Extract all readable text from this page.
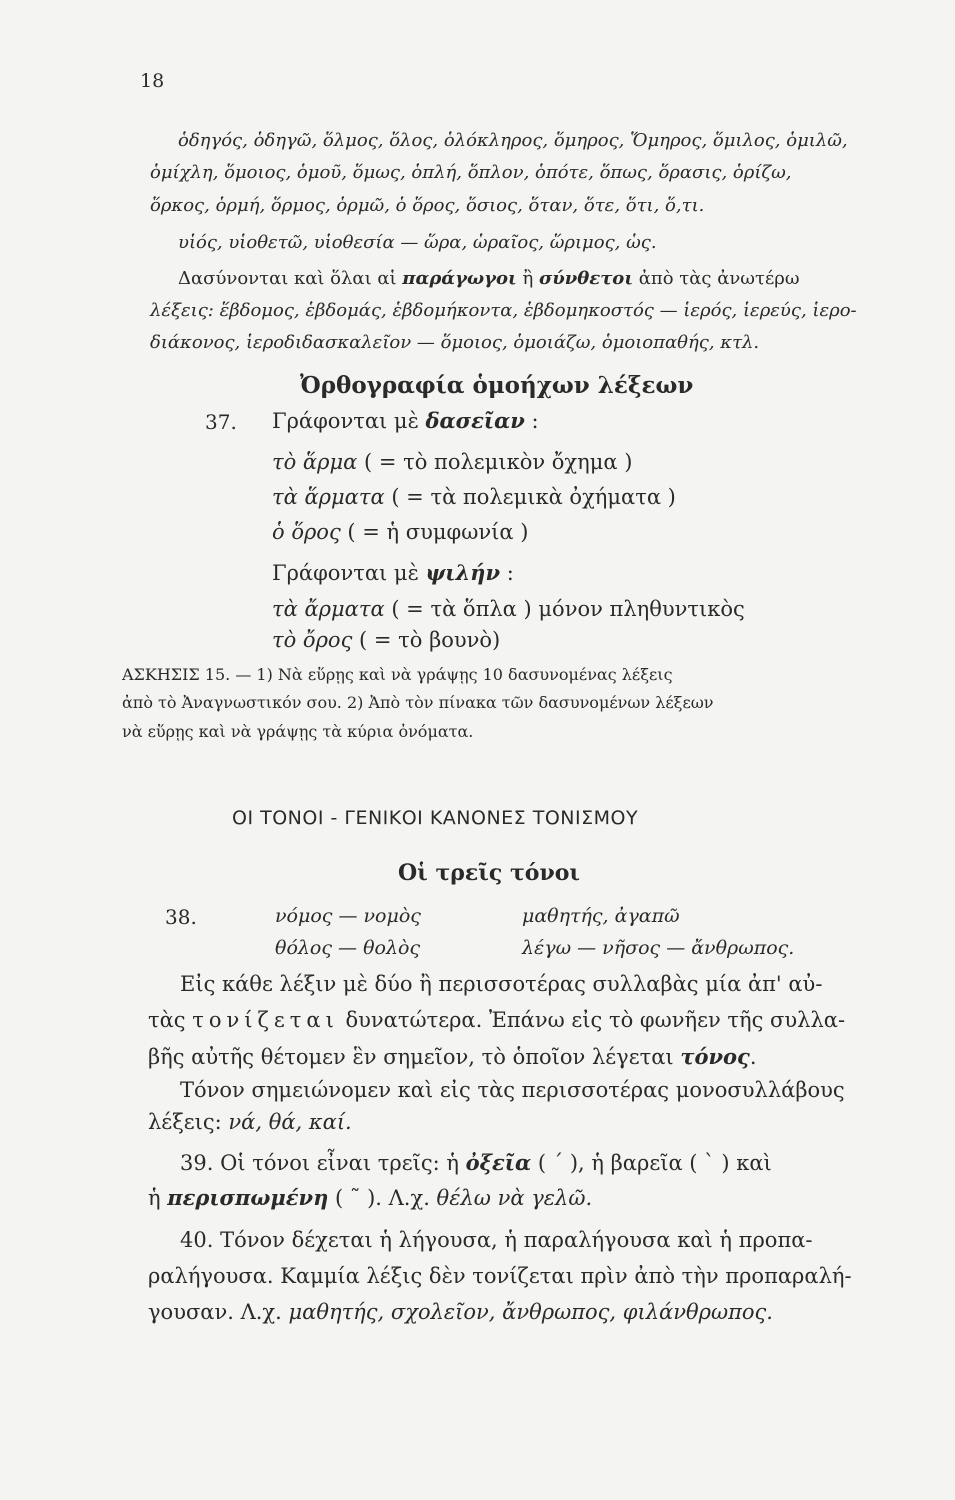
18
ὁδηγός, ὁδηγῶ, ὅλμος, ὅλος, ὁλόκληρος, ὅμηρος, Ὅμηρος, ὅμιλος, ὁμιλῶ,
ὁμίχλη, ὅμοιος, ὁμοῦ, ὅμως, ὁπλή, ὅπλον, ὁπότε, ὅπως, ὅρασις, ὁρίζω,
ὅρκος, ὁρμή, ὅρμος, ὁρμῶ, ὁ ὅρος, ὅσιος, ὅταν, ὅτε, ὅτι, ὅ,τι.
υἱός, υἱοθετῶ, υἱοθεσία — ὥρα, ὡραῖος, ὥριμος, ὡς.
Δασύνονται καὶ ὅλαι αἱ παράγωγοι ἢ σύνθετοι ἀπὸ τὰς ἀνωτέρω
λέξεις: ἕβδομος, ἑβδομάς, ἑβδομήκοντα, ἑβδομηκοστός — ἱερός, ἱερεύς, ἱερο-
διάκονος, ἱεροδιδασκαλεῖον — ὅμοιος, ὁμοιάζω, ὁμοιοπαθής, κτλ.
Ὀρθογραφία ὁμοήχων λέξεων
37. Γράφονται μὲ δασεῖαν :
τὸ ἅρμα ( = τὸ πολεμικὸν ὄχημα )
τὰ ἅρματα ( = τὰ πολεμικὰ ὀχήματα )
ὁ ὅρος ( = ἡ συμφωνία )
Γράφονται μὲ ψιλήν :
τὰ ἄρματα ( = τὰ ὅπλα ) μόνον πληθυντικὸς
τὸ ὄρος ( = τὸ βουνὸ)
ΑΣΚΗΣΙΣ 15. — 1) Νὰ εὕρῃς καὶ νὰ γράψῃς 10 δασυνομένας λέξεις
ἀπὸ τὸ Ἀναγνωστικόν σου. 2) Ἀπὸ τὸν πίνακα τῶν δασυνομένων λέξεων
νὰ εὕρῃς καὶ νὰ γράψῃς τὰ κύρια ὀνόματα.
ΟΙ ΤΟΝΟΙ - ΓΕΝΙΚΟΙ ΚΑΝΟΝΕΣ ΤΟΝΙΣΜΟΥ
Οἱ τρεῖς τόνοι
38.	νόμος — νομὸς	μαθητής, ἀγαπῶ
θόλος — θολὸς	λέγω — νῆσος — ἄνθρωπος.
Εἰς κάθε λέξιν μὲ δύο ἢ περισσοτέρας συλλαβὰς μία ἀπ' αὐ-
τὰς τονίζεται δυνατώτερα. Ἐπάνω εἰς τὸ φωνῆεν τῆς συλλα-
βῆς αὐτῆς θέτομεν ἓν σημεῖον, τὸ ὁποῖον λέγεται τόνος.
Τόνον σημειώνομεν καὶ εἰς τὰς περισσοτέρας μονοσυλλάβους
λέξεις: νά, θά, καί.
39. Οἱ τόνοι εἶναι τρεῖς: ἡ ὀξεῖα ( ´ ), ἡ βαρεῖα ( ` ) καὶ
ἡ περισπωμένη ( ῀ ). Λ.χ. θέλω νὰ γελῶ.
40. Τόνον δέχεται ἡ λήγουσα, ἡ παραλήγουσα καὶ ἡ προπα-
ραλήγουσα. Καμμία λέξις δὲν τονίζεται πρὶν ἀπὸ τὴν προπαραλή-
γουσαν. Λ.χ. μαθητής, σχολεῖον, ἄνθρωπος, φιλάνθρωπος.
